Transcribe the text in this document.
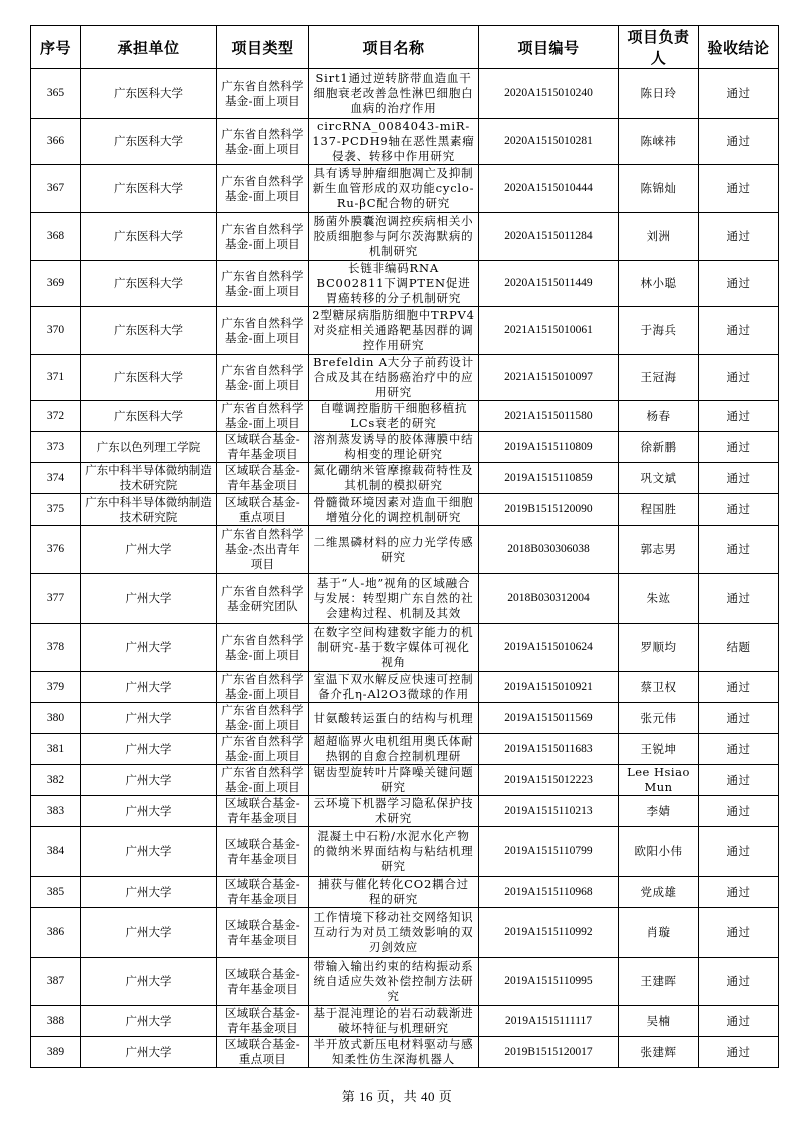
序号	承担单位	项目类型	项目名称	项目编号	项目负责人	验收结论
365	广东医科大学	广东省自然科学基金-面上项目	Sirt1通过逆转脐带血造血干细胞衰老改善急性淋巴细胞白血病的治疗作用	2020A1515010240	陈日玲	通过
366	广东医科大学	广东省自然科学基金-面上项目	circRNA_0084043-miR-137-PCDH9轴在恶性黑素瘤侵袭、转移中作用研究	2020A1515010281	陈崃祎	通过
367	广东医科大学	广东省自然科学基金-面上项目	具有诱导肿瘤细胞凋亡及抑制新生血管形成的双功能cyclo-Ru-βC配合物的研究	2020A1515010444	陈锦灿	通过
368	广东医科大学	广东省自然科学基金-面上项目	肠菌外膜囊泡调控疾病相关小胶质细胞参与阿尔茨海默病的机制研究	2020A1515011284	刘洲	通过
369	广东医科大学	广东省自然科学基金-面上项目	长链非编码RNA BC002811下调PTEN促进胃癌转移的分子机制研究	2020A1515011449	林小聪	通过
370	广东医科大学	广东省自然科学基金-面上项目	2型糖尿病脂肪细胞中TRPV4对炎症相关通路靶基因群的调控作用研究	2021A1515010061	于海兵	通过
371	广东医科大学	广东省自然科学基金-面上项目	Brefeldin A大分子前药设计合成及其在结肠癌治疗中的应用研究	2021A1515010097	王冠海	通过
372	广东医科大学	广东省自然科学基金-面上项目	自噬调控脂肪干细胞移植抗LCs衰老的研究	2021A1515011580	杨春	通过
373	广东以色列理工学院	区域联合基金-青年基金项目	溶剂蒸发诱导的胶体薄膜中结构相变的理论研究	2019A1515110809	徐新鹏	通过
374	广东中科半导体微纳制造技术研究院	区域联合基金-青年基金项目	氮化硼纳米管摩擦载荷特性及其机制的模拟研究	2019A1515110859	巩文斌	通过
375	广东中科半导体微纳制造技术研究院	区域联合基金-重点项目	骨髓微环境因素对造血干细胞增殖分化的调控机制研究	2019B1515120090	程国胜	通过
376	广州大学	广东省自然科学基金-杰出青年项目	二维黑磷材料的应力光学传感研究	2018B030306038	郭志男	通过
377	广州大学	广东省自然科学基金研究团队	基于“人-地”视角的区域融合与发展：转型期广东自然的社会建构过程、机制及其效	2018B030312004	朱竑	通过
378	广州大学	广东省自然科学基金-面上项目	在数字空间构建数字能力的机制研究-基于数字媒体可视化视角	2019A1515010624	罗顺均	结题
379	广州大学	广东省自然科学基金-面上项目	室温下双水解反应快速可控制备介孔η-Al2O3微球的作用	2019A1515010921	蔡卫权	通过
380	广州大学	广东省自然科学基金-面上项目	甘氨酸转运蛋白的结构与机理	2019A1515011569	张元伟	通过
381	广州大学	广东省自然科学基金-面上项目	超超临界火电机组用奥氏体耐热钢的自愈合控制机理研	2019A1515011683	王锐坤	通过
382	广州大学	广东省自然科学基金-面上项目	锯齿型旋转叶片降噪关键问题研究	2019A1515012223	Lee Hsiao Mun	通过
383	广州大学	区域联合基金-青年基金项目	云环境下机器学习隐私保护技术研究	2019A1515110213	李婧	通过
384	广州大学	区域联合基金-青年基金项目	混凝土中石粉/水泥水化产物的微纳米界面结构与粘结机理研究	2019A1515110799	欧阳小伟	通过
385	广州大学	区域联合基金-青年基金项目	捕获与催化转化CO2耦合过程的研究	2019A1515110968	党成雄	通过
386	广州大学	区域联合基金-青年基金项目	工作情境下移动社交网络知识互动行为对员工绩效影响的双刃剑效应	2019A1515110992	肖璇	通过
387	广州大学	区域联合基金-青年基金项目	带输入输出约束的结构振动系统自适应失效补偿控制方法研究	2019A1515110995	王建晖	通过
388	广州大学	区域联合基金-青年基金项目	基于混沌理论的岩石动载渐进破坏特征与机理研究	2019A1515111117	吴楠	通过
389	广州大学	区域联合基金-重点项目	半开放式新压电材料驱动与感知柔性仿生深海机器人	2019B1515120017	张建辉	通过
第 16 页，共 40 页
